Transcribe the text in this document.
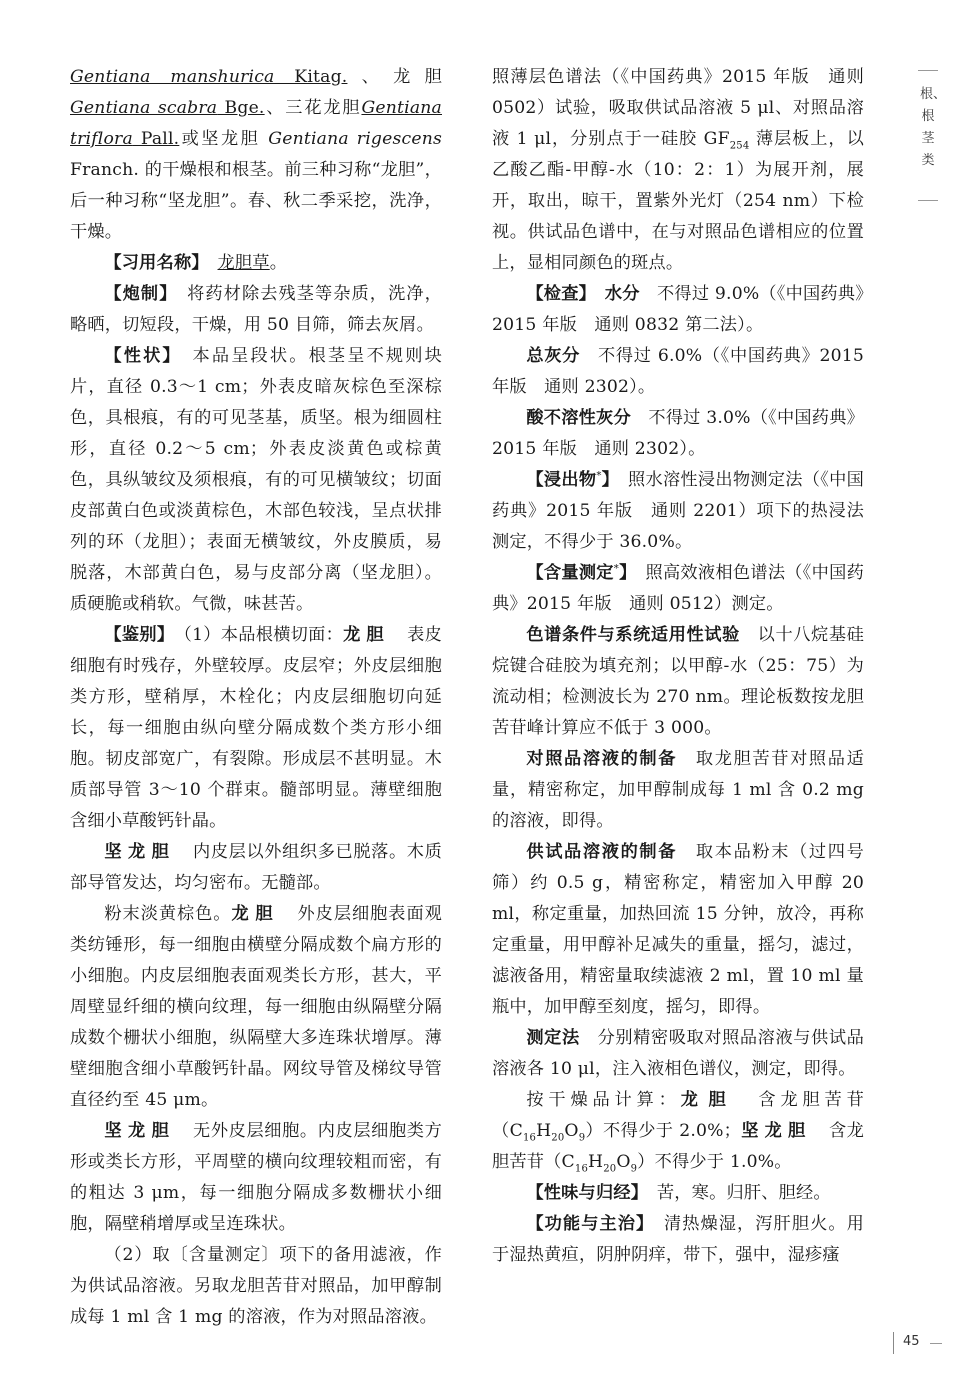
Gentiana manshurica Kitag.、龙胆Gentiana scabra Bge.、三花龙胆Gentiana triflora Pall.或坚龙胆 Gentiana rigescens Franch. 的干燥根和根茎。前三种习称“龙胆”，后一种习称“坚龙胆”。春、秋二季采挖，洗净，干燥。

【习用名称】　 龙胆草。

【炮制】　 将药材除去残茎等杂质，洗净，略晒，切短段，干燥，用 50 目筛，筛去灰屑。

【性状】　 本品呈段状。根茎呈不规则块片，直径 0.3～1 cm；外表皮暗灰棕色至深棕色，具根痕，有的可见茎基，质坚。根为细圆柱形，直径 0.2～5 cm；外表皮淡黄色或棕黄色，具纵皱纹及须根痕，有的可见横皱纹；切面皮部黄白色或淡黄棕色，木部色较浅，呈点状排列的环（龙胆）；表面无横皱纹，外皮膜质，易脱落，木部黄白色，易与皮部分离（坚龙胆）。质硬脆或稍软。气微，味甚苦。

【鉴别】　 （1）本品根横切面：龙胆　 表皮细胞有时残存，外壁较厚。皮层窄；外皮层细胞类方形，壁稍厚，木栓化；内皮层细胞切向延长，每一细胞由纵向壁分隔成数个类方形小细胞。韧皮部宽广，有裂隙。形成层不甚明显。木质部导管 3～10 个群束。髓部明显。薄壁细胞含细小草酸钙针晶。

坚龙胆　 内皮层以外组织多已脱落。木质部导管发达，均匀密布。无髓部。

粉末淡黄棕色。龙胆　 外皮层细胞表面观类纺锤形，每一细胞由横壁分隔成数个扁方形的小细胞。内皮层细胞表面观类长方形，甚大，平周壁显纤细的横向纹理，每一细胞由纵隔壁分隔成数个栅状小细胞，纵隔壁大多连珠状增厚。薄壁细胞含细小草酸钙针晶。网纹导管及梯纹导管直径约至 45 μm。

坚龙胆　 无外皮层细胞。内皮层细胞类方形或类长方形，平周壁的横向纹理较粗而密，有的粗达 3 μm，每一细胞分隔成多数栅状小细胞，隔壁稍增厚或呈连珠状。

（2）取〔含量测定〕项下的备用滤液，作为供试品溶液。另取龙胆苦苷对照品，加甲醇制成每 1 ml 含 1 mg 的溶液，作为对照品溶液。

照薄层色谱法（《中国药典》2015 年版　通则 0502）试验，吸取供试品溶液 5 μl、对照品溶液 1 μl，分别点于一硅胶 $GF_{254}$ 薄层板上，以乙酸乙酯-甲醇-水（10：2：1）为展开剂，展开，取出，晾干，置紫外光灯（254 nm）下检视。供试品色谱中，在与对照品色谱相应的位置上，显相同颜色的斑点。

【检查】　 水分　 不得过 9.0%（《中国药典》2015 年版　通则 0832 第二法）。

总灰分　 不得过 6.0%（《中国药典》2015 年版　通则 2302）。

酸不溶性灰分　 不得过 3.0%（《中国药典》2015 年版　通则 2302）。

【浸出物*】　 照水溶性浸出物测定法（《中国药典》2015 年版　通则 2201）项下的热浸法测定，不得少于 36.0%。

【含量测定*】　 照高效液相色谱法（《中国药典》2015 年版　通则 0512）测定。

色谱条件与系统适用性试验　 以十八烷基硅烷键合硅胶为填充剂；以甲醇-水（25：75）为流动相；检测波长为 270 nm。理论板数按龙胆苦苷峰计算应不低于 3 000。

对照品溶液的制备　 取龙胆苦苷对照品适量，精密称定，加甲醇制成每 1 ml 含 0.2 mg 的溶液，即得。

供试品溶液的制备　 取本品粉末（过四号筛）约 0.5 g，精密称定，精密加入甲醇 20 ml，称定重量，加热回流 15 分钟，放冷，再称定重量，用甲醇补足减失的重量，摇匀，滤过，滤液备用，精密量取续滤液 2 ml，置 10 ml 量瓶中，加甲醇至刻度，摇匀，即得。

测定法　 分别精密吸取对照品溶液与供试品溶液各 10 μl，注入液相色谱仪，测定，即得。

按干燥品计算：龙胆　 含龙胆苦苷$(C_{16}H_{20}O_9)$不得少于 2.0%；坚龙胆　 含龙胆苦苷$(C_{16}H_{20}O_9)$不得少于 1.0%。

【性味与归经】　 苦，寒。归肝、胆经。

【功能与主治】　 清热燥湿，泻肝胆火。用于湿热黄疸，阴肿阴痒，带下，强中，湿疹瘙

根、根茎类
45
